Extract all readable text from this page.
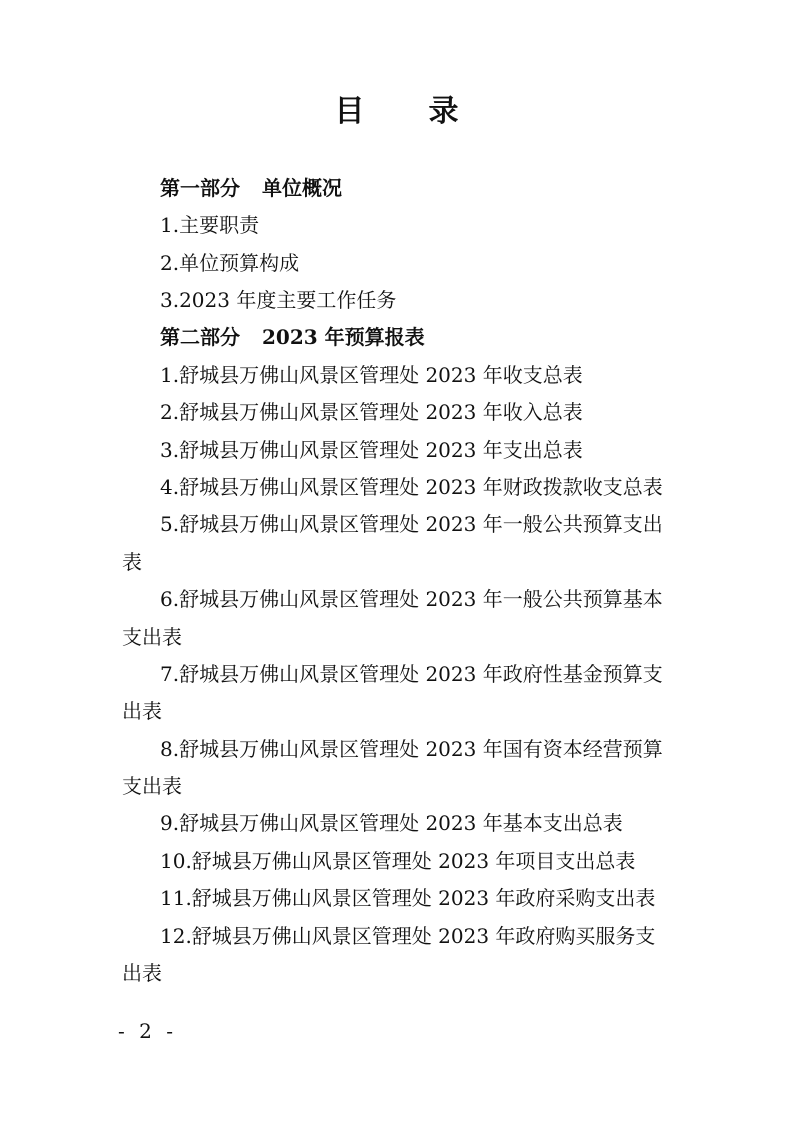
目 录
第一部分 单位概况
1.主要职责
2.单位预算构成
3.2023 年度主要工作任务
第二部分 2023 年预算报表
1.舒城县万佛山风景区管理处 2023 年收支总表
2.舒城县万佛山风景区管理处 2023 年收入总表
3.舒城县万佛山风景区管理处 2023 年支出总表
4.舒城县万佛山风景区管理处 2023 年财政拨款收支总表
5.舒城县万佛山风景区管理处 2023 年一般公共预算支出
表
6.舒城县万佛山风景区管理处 2023 年一般公共预算基本
支出表
7.舒城县万佛山风景区管理处 2023 年政府性基金预算支
出表
8.舒城县万佛山风景区管理处 2023 年国有资本经营预算
支出表
9.舒城县万佛山风景区管理处 2023 年基本支出总表
10.舒城县万佛山风景区管理处 2023 年项目支出总表
11.舒城县万佛山风景区管理处 2023 年政府采购支出表
12.舒城县万佛山风景区管理处 2023 年政府购买服务支
出表
- 2 -
